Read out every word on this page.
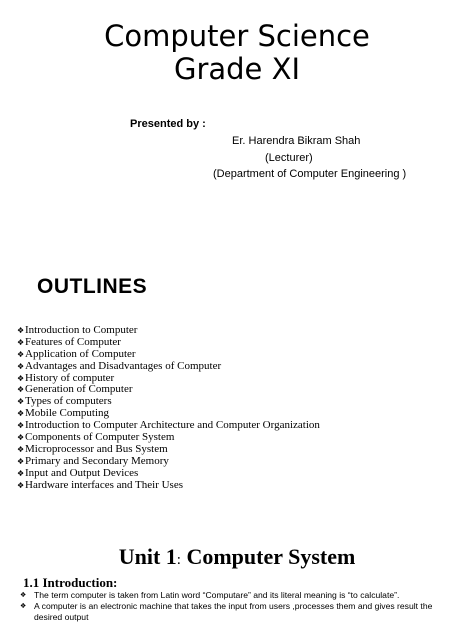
Computer Science
Grade XI
Presented by :
Er. Harendra Bikram Shah
(Lecturer)
(Department of Computer Engineering )
OUTLINES
❖ Introduction to Computer
❖ Features of Computer
❖ Application of Computer
❖ Advantages and Disadvantages of Computer
❖ History of computer
❖ Generation of Computer
❖ Types of computers
❖ Mobile Computing
❖ Introduction to Computer Architecture and Computer Organization
❖ Components of Computer System
❖ Microprocessor and Bus System
❖ Primary and Secondary Memory
❖ Input and Output Devices
❖ Hardware interfaces and Their Uses
Unit 1: Computer System
1.1 Introduction:
❖ The term computer is taken from Latin word “Computare” and its literal meaning is “to calculate”.
❖ A computer is an electronic machine that takes the input from users ,processes them and gives result the desired output
